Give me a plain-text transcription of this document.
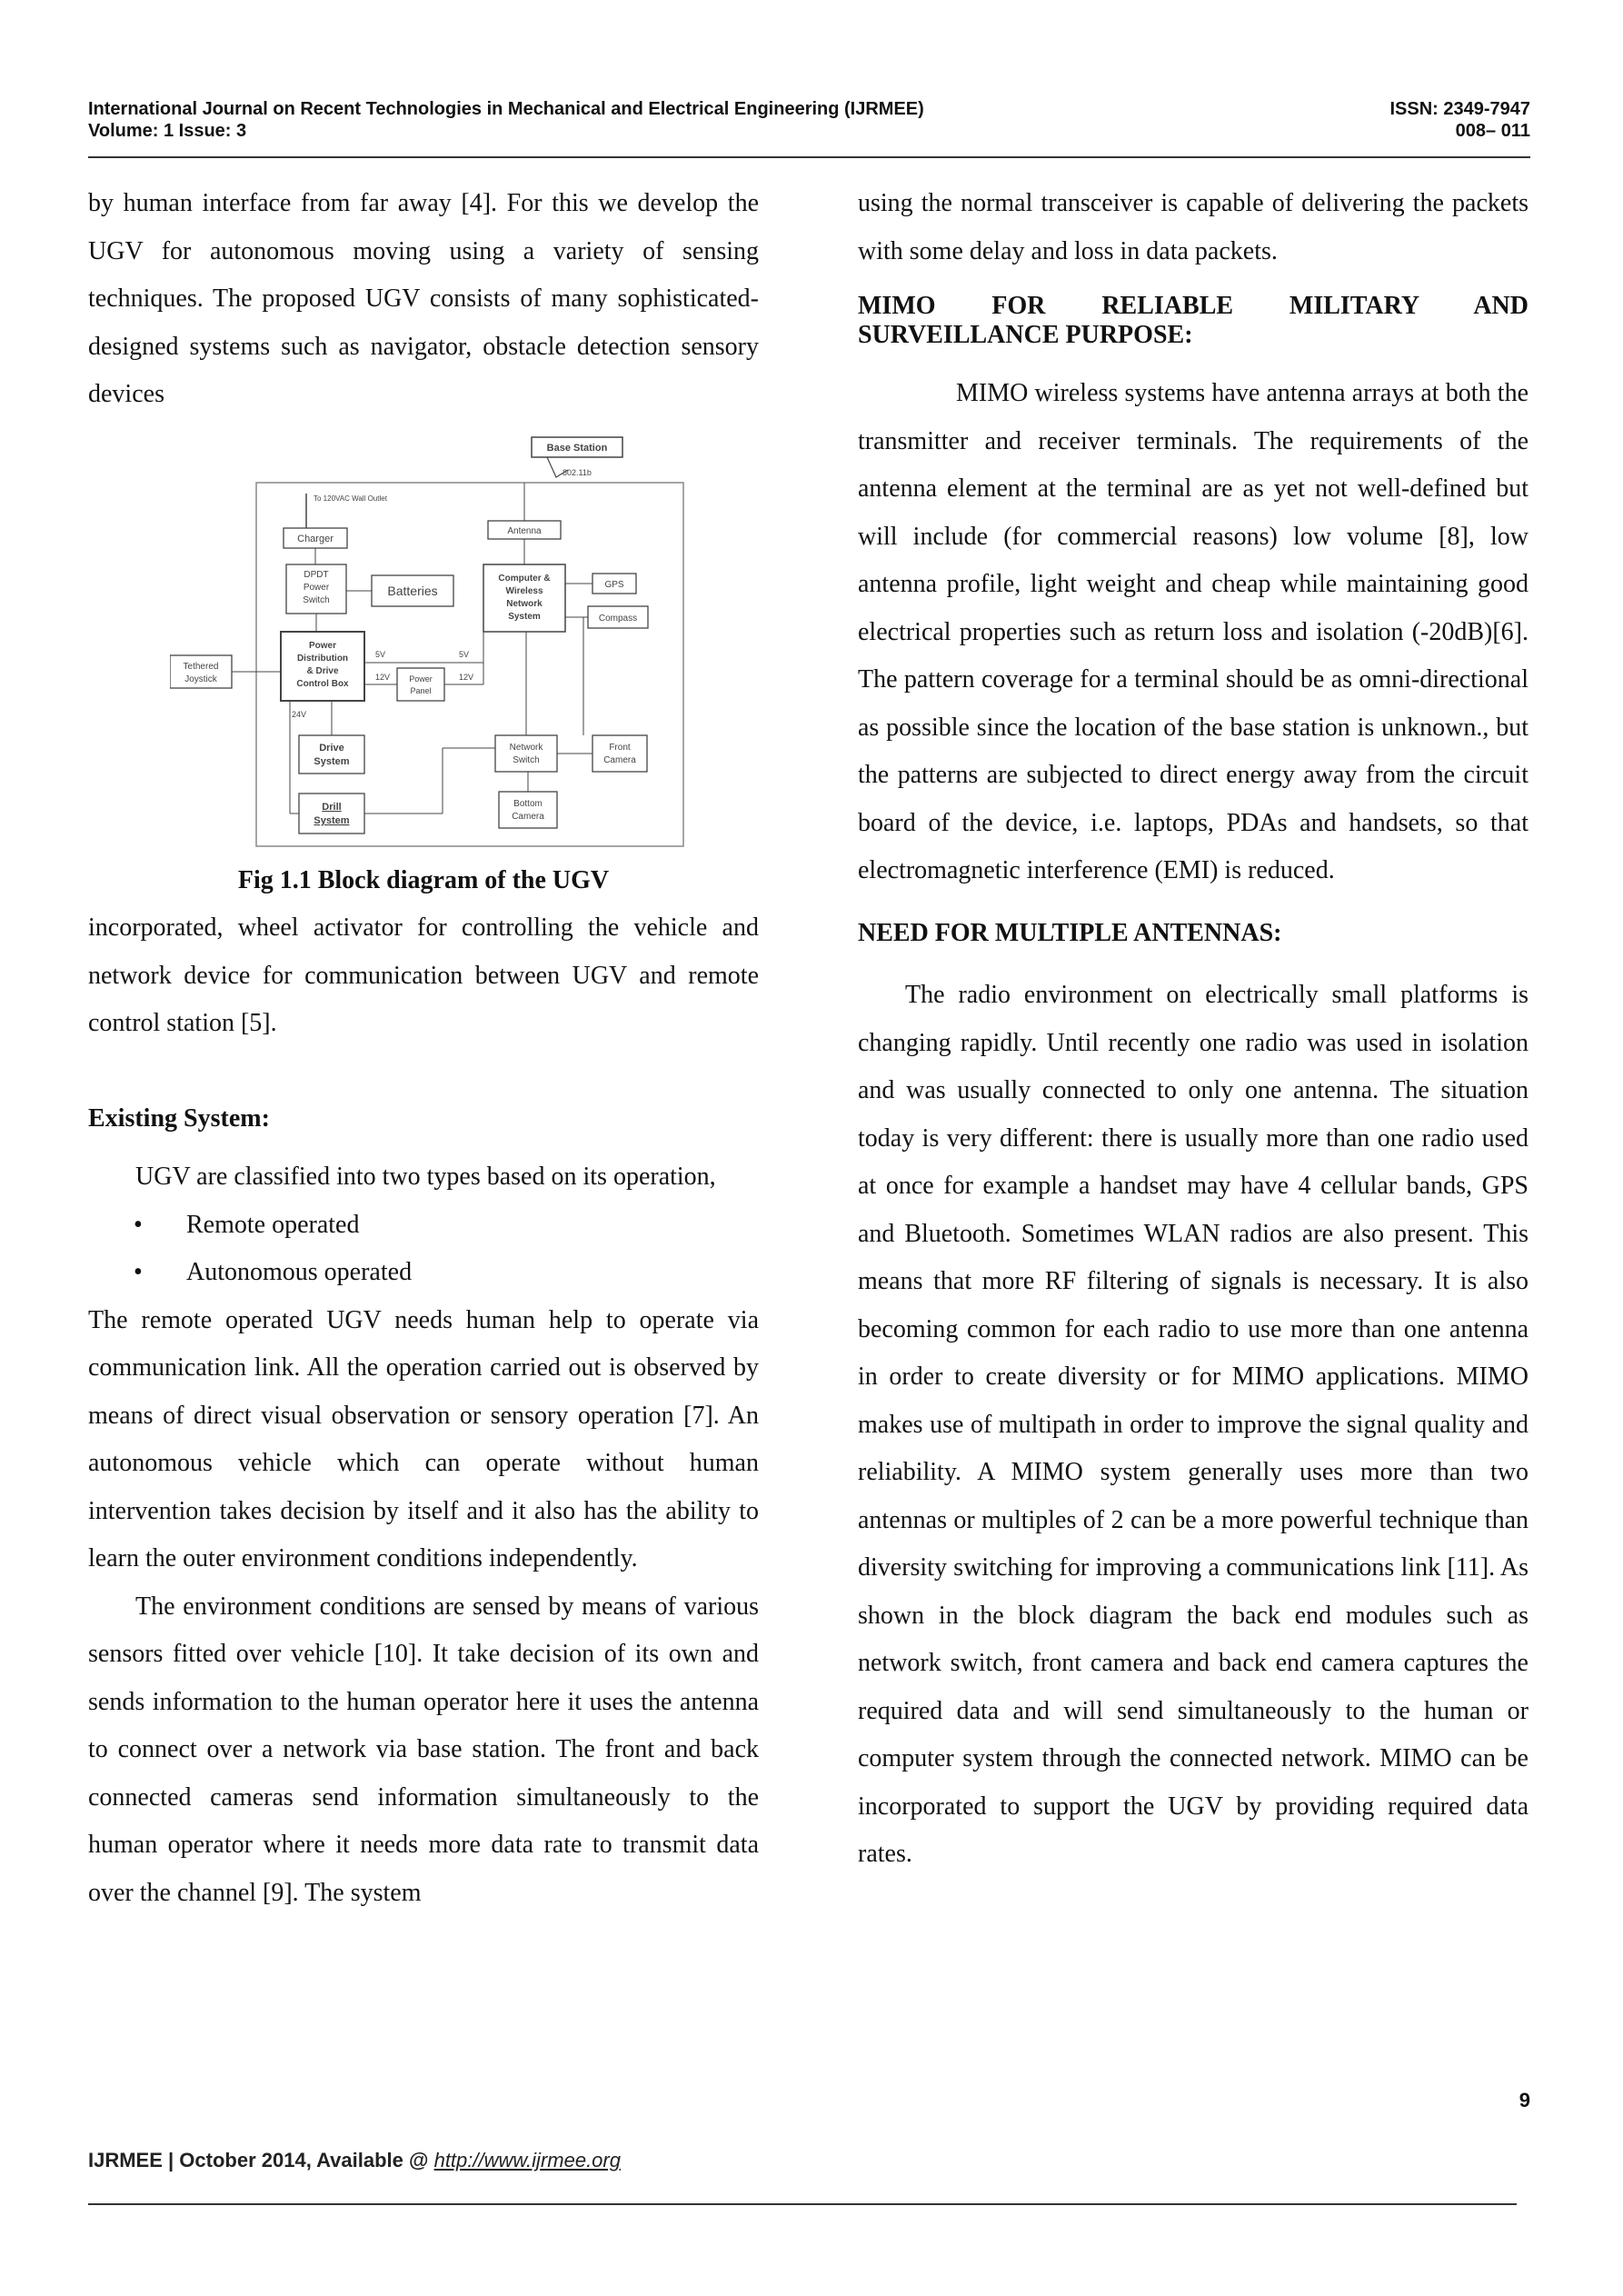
International Journal on Recent Technologies in Mechanical and Electrical Engineering (IJRMEE)
Volume: 1 Issue: 3
ISSN: 2349-7947
008– 011

by human interface from far away [4]. For this we develop the UGV for autonomous moving using a variety of sensing techniques. The proposed UGV consists of many sophisticated-designed systems such as navigator, obstacle detection sensory devices

Base Station
802.11b
To 120VAC Wall Outlet
Charger
DPDT
Power
Switch
Batteries
Antenna
Computer &
Wireless
Network
System
GPS
Compass
Power
Distribution
& Drive
Control Box
Tethered
Joystick	Power
Panel
5V
12V	12V
5V
24V
Drive
System
Drill
System
Network
Switch
Front
Camera
Bottom
Camera

Fig 1.1 Block diagram of the UGV

incorporated, wheel activator for controlling the vehicle and network device for communication between UGV and remote control station [5].

Existing System:

UGV are classified into two types based on its operation,

• Remote operated
• Autonomous operated

The remote operated UGV needs human help to operate via communication link. All the operation carried out is observed by means of direct visual observation or sensory operation [7]. An autonomous vehicle which can operate without human intervention takes decision by itself and it also has the ability to learn the outer environment conditions independently.

The environment conditions are sensed by means of various sensors fitted over vehicle [10]. It take decision of its own and sends information to the human operator here it uses the antenna to connect over a network via base station. The front and back connected cameras send information simultaneously to the human operator where it needs more data rate to transmit data over the channel [9]. The system

using the normal transceiver is capable of delivering the packets with some delay and loss in data packets.

MIMO FOR RELIABLE MILITARY AND SURVEILLANCE PURPOSE:

MIMO wireless systems have antenna arrays at both the transmitter and receiver terminals. The requirements of the antenna element at the terminal are as yet not well-defined but will include (for commercial reasons) low volume [8], low antenna profile, light weight and cheap while maintaining good electrical properties such as return loss and isolation (-20dB)[6]. The pattern coverage for a terminal should be as omni-directional as possible since the location of the base station is unknown., but the patterns are subjected to direct energy away from the circuit board of the device, i.e. laptops, PDAs and handsets, so that electromagnetic interference (EMI) is reduced.

NEED FOR MULTIPLE ANTENNAS:

The radio environment on electrically small platforms is changing rapidly. Until recently one radio was used in isolation and was usually connected to only one antenna. The situation today is very different: there is usually more than one radio used at once for example a handset may have 4 cellular bands, GPS and Bluetooth. Sometimes WLAN radios are also present. This means that more RF filtering of signals is necessary. It is also becoming common for each radio to use more than one antenna in order to create diversity or for MIMO applications. MIMO makes use of multipath in order to improve the signal quality and reliability. A MIMO system generally uses more than two antennas or multiples of 2 can be a more powerful technique than diversity switching for improving a communications link [11]. As shown in the block diagram the back end modules such as network switch, front camera and back end camera captures the required data and will send simultaneously to the human or computer system through the connected network. MIMO can be incorporated to support the UGV by providing required data rates.

9
IJRMEE | October 2014, Available @ http://www.ijrmee.org
